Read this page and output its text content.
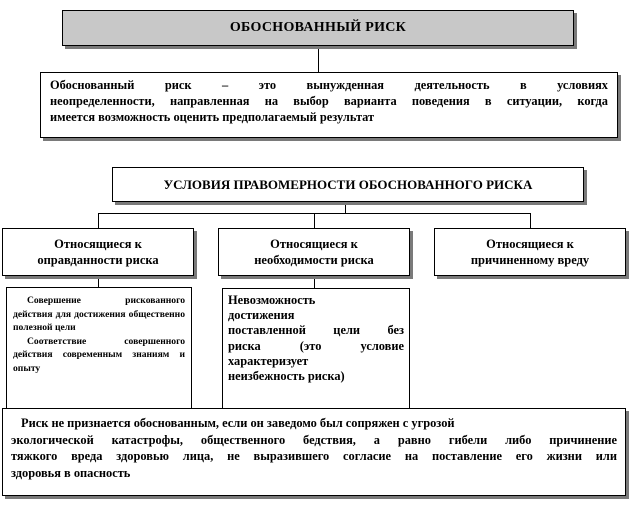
ОБОСНОВАННЫЙ РИСК
Обоснованный риск – это вынужденная деятельность в условиях
неопределенности, направленная на выбор варианта поведения в ситуации, когда
имеется возможность оценить предполагаемый результат
УСЛОВИЯ ПРАВОМЕРНОСТИ ОБОСНОВАННОГО РИСКА
Относящиеся к
оправданности риска
Относящиеся к
необходимости риска
Относящиеся к
причиненному вреду

Совершение рискованного действия для достижения общественно полезной цели

Соответствие совершенного действия современным знаниям и опыту

Невозможность
достижения
поставленной цели без
риска (это условие
характеризует
неизбежность риска)
Риск не признается обоснованным, если он заведомо был сопряжен с угрозой
экологической катастрофы, общественного бедствия, а равно гибели либо причинение
тяжкого вреда здоровью лица, не выразившего согласие на поставление его жизни или
здоровья в опасность
